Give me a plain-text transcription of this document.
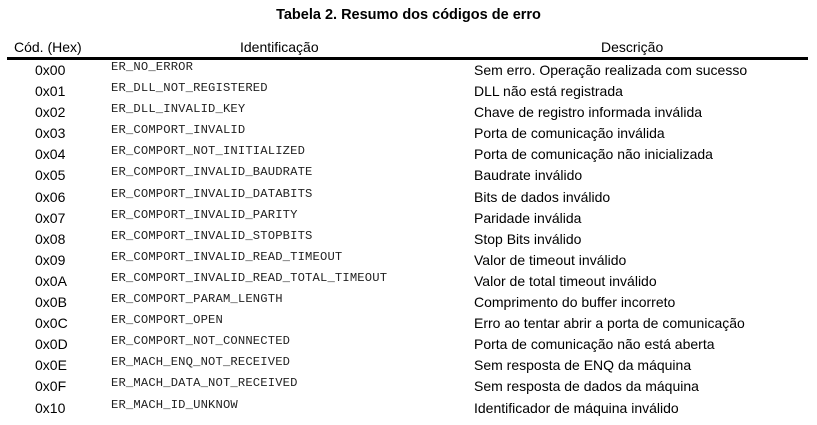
Tabela 2. Resumo dos códigos de erro
Cód. (Hex)	Identificação	Descrição
0x00	ER_NO_ERROR	Sem erro. Operação realizada com sucesso
0x01	ER_DLL_NOT_REGISTERED	DLL não está registrada
0x02	ER_DLL_INVALID_KEY	Chave de registro informada inválida
0x03	ER_COMPORT_INVALID	Porta de comunicação inválida
0x04	ER_COMPORT_NOT_INITIALIZED	Porta de comunicação não inicializada
0x05	ER_COMPORT_INVALID_BAUDRATE	Baudrate inválido
0x06	ER_COMPORT_INVALID_DATABITS	Bits de dados inválido
0x07	ER_COMPORT_INVALID_PARITY	Paridade inválida
0x08	ER_COMPORT_INVALID_STOPBITS	Stop Bits inválido
0x09	ER_COMPORT_INVALID_READ_TIMEOUT	Valor de timeout inválido
0x0A	ER_COMPORT_INVALID_READ_TOTAL_TIMEOUT	Valor de total timeout inválido
0x0B	ER_COMPORT_PARAM_LENGTH	Comprimento do buffer incorreto
0x0C	ER_COMPORT_OPEN	Erro ao tentar abrir a porta de comunicação
0x0D	ER_COMPORT_NOT_CONNECTED	Porta de comunicação não está aberta
0x0E	ER_MACH_ENQ_NOT_RECEIVED	Sem resposta de ENQ da máquina
0x0F	ER_MACH_DATA_NOT_RECEIVED	Sem resposta de dados da máquina
0x10	ER_MACH_ID_UNKNOW	Identificador de máquina inválido
